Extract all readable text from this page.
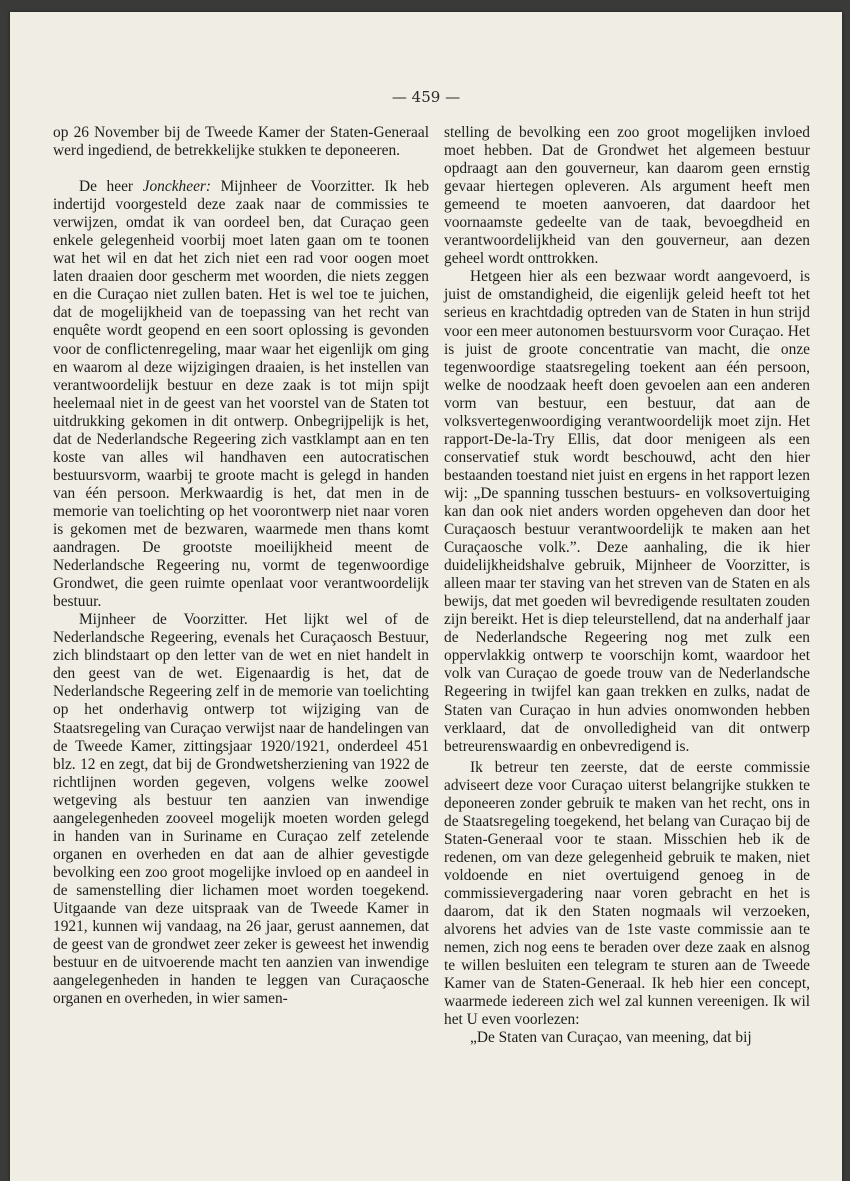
— 459 —

op 26 November bij de Tweede Kamer der Staten-Generaal werd ingediend, de betrekkelijke stukken te deponeeren.

De heer Jonckheer: Mijnheer de Voorzitter. Ik heb indertijd voorgesteld deze zaak naar de commissies te verwijzen, omdat ik van oordeel ben, dat Curaçao geen enkele gelegenheid voorbij moet laten gaan om te toonen wat het wil en dat het zich niet een rad voor oogen moet laten draaien door gescherm met woorden, die niets zeggen en die Curaçao niet zullen baten. Het is wel toe te juichen, dat de mogelijkheid van de toepassing van het recht van enquête wordt geopend en een soort oplossing is gevonden voor de conflictenregeling, maar waar het eigenlijk om ging en waarom al deze wijzigingen draaien, is het instellen van verantwoordelijk bestuur en deze zaak is tot mijn spijt heelemaal niet in de geest van het voorstel van de Staten tot uitdrukking gekomen in dit ontwerp. Onbegrijpelijk is het, dat de Nederlandsche Regeering zich vastklampt aan en ten koste van alles wil handhaven een autocratischen bestuursvorm, waarbij te groote macht is gelegd in handen van één persoon. Merkwaardig is het, dat men in de memorie van toelichting op het voorontwerp niet naar voren is gekomen met de bezwaren, waarmede men thans komt aandragen. De grootste moeilijkheid meent de Nederlandsche Regeering nu, vormt de tegenwoordige Grondwet, die geen ruimte openlaat voor verantwoordelijk bestuur.

Mijnheer de Voorzitter. Het lijkt wel of de Nederlandsche Regeering, evenals het Curaçaosch Bestuur, zich blindstaart op den letter van de wet en niet handelt in den geest van de wet. Eigenaardig is het, dat de Nederlandsche Regeering zelf in de memorie van toelichting op het onderhavig ontwerp tot wijziging van de Staatsregeling van Curaçao verwijst naar de handelingen van de Tweede Kamer, zittingsjaar 1920/1921, onderdeel 451 blz. 12 en zegt, dat bij de Grondwetsherziening van 1922 de richtlijnen worden gegeven, volgens welke zoowel wetgeving als bestuur ten aanzien van inwendige aangelegenheden zooveel mogelijk moeten worden gelegd in handen van in Suriname en Curaçao zelf zetelende organen en overheden en dat aan de alhier gevestigde bevolking een zoo groot mogelijke invloed op en aandeel in de samenstelling dier lichamen moet worden toegekend. Uitgaande van deze uitspraak van de Tweede Kamer in 1921, kunnen wij vandaag, na 26 jaar, gerust aannemen, dat de geest van de grondwet zeer zeker is geweest het inwendig bestuur en de uitvoerende macht ten aanzien van inwendige aangelegenheden in handen te leggen van Curaçaosche organen en overheden, in wier samen-

stelling de bevolking een zoo groot mogelijken invloed moet hebben. Dat de Grondwet het algemeen bestuur opdraagt aan den gouverneur, kan daarom geen ernstig gevaar hiertegen opleveren. Als argument heeft men gemeend te moeten aanvoeren, dat daardoor het voornaamste gedeelte van de taak, bevoegdheid en verantwoordelijkheid van den gouverneur, aan dezen geheel wordt onttrokken.

Hetgeen hier als een bezwaar wordt aangevoerd, is juist de omstandigheid, die eigenlijk geleid heeft tot het serieus en krachtdadig optreden van de Staten in hun strijd voor een meer autonomen bestuursvorm voor Curaçao. Het is juist de groote concentratie van macht, die onze tegenwoordige staatsregeling toekent aan één persoon, welke de noodzaak heeft doen gevoelen aan een anderen vorm van bestuur, een bestuur, dat aan de volksvertegenwoordiging verantwoordelijk moet zijn. Het rapport-De-la-Try Ellis, dat door menigeen als een conservatief stuk wordt beschouwd, acht den hier bestaanden toestand niet juist en ergens in het rapport lezen wij: „De spanning tusschen bestuurs- en volksovertuiging kan dan ook niet anders worden opgeheven dan door het Curaçaosch bestuur verantwoordelijk te maken aan het Curaçaosche volk.”. Deze aanhaling, die ik hier duidelijkheidshalve gebruik, Mijnheer de Voorzitter, is alleen maar ter staving van het streven van de Staten en als bewijs, dat met goeden wil bevredigende resultaten zouden zijn bereikt. Het is diep teleurstellend, dat na anderhalf jaar de Nederlandsche Regeering nog met zulk een oppervlakkig ontwerp te voorschijn komt, waardoor het volk van Curaçao de goede trouw van de Nederlandsche Regeering in twijfel kan gaan trekken en zulks, nadat de Staten van Curaçao in hun advies onomwonden hebben verklaard, dat de onvolledigheid van dit ontwerp betreurenswaardig en onbevredigend is.

Ik betreur ten zeerste, dat de eerste commissie adviseert deze voor Curaçao uiterst belangrijke stukken te deponeeren zonder gebruik te maken van het recht, ons in de Staatsregeling toegekend, het belang van Curaçao bij de Staten-Generaal voor te staan. Misschien heb ik de redenen, om van deze gelegenheid gebruik te maken, niet voldoende en niet overtuigend genoeg in de commissievergadering naar voren gebracht en het is daarom, dat ik den Staten nogmaals wil verzoeken, alvorens het advies van de 1ste vaste commissie aan te nemen, zich nog eens te beraden over deze zaak en alsnog te willen besluiten een telegram te sturen aan de Tweede Kamer van de Staten-Generaal. Ik heb hier een concept, waarmede iedereen zich wel zal kunnen vereenigen. Ik wil het U even voorlezen:

„De Staten van Curaçao, van meening, dat bij
